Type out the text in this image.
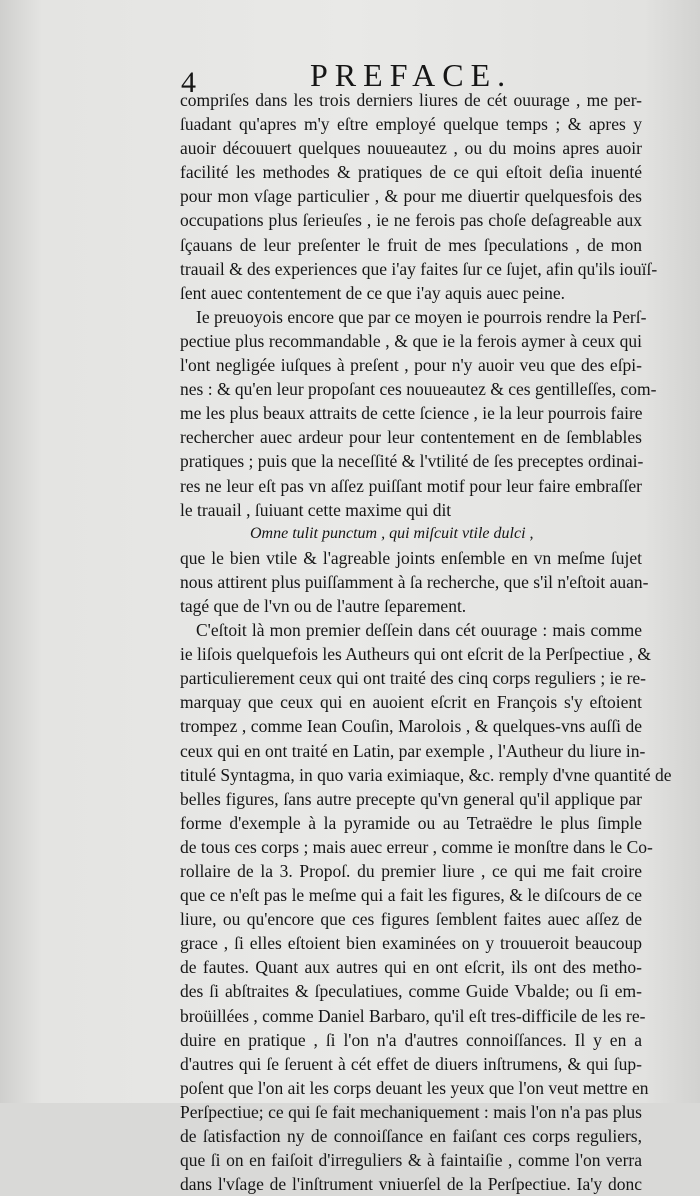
4	PREFACE.
compriſes dans les trois derniers liures de cét ouurage , me per-
ſuadant qu'apres m'y eſtre employé quelque temps ; & apres y
auoir découuert quelques nouueautez , ou du moins apres auoir
facilité les methodes & pratiques de ce qui eſtoit deſia inuenté
pour mon vſage particulier , & pour me diuertir quelquesfois des
occupations plus ſerieuſes , ie ne ferois pas choſe deſagreable aux
ſçauans de leur preſenter le fruit de mes ſpeculations , de mon
trauail & des experiences que i'ay faites ſur ce ſujet, afin qu'ils iouïſ-
ſent auec contentement de ce que i'ay aquis auec peine.
Ie preuoyois encore que par ce moyen ie pourrois rendre la Perſ-
pectiue plus recommandable , & que ie la ferois aymer à ceux qui
l'ont negligée iuſques à preſent , pour n'y auoir veu que des eſpi-
nes : & qu'en leur propoſant ces nouueautez & ces gentilleſſes, com-
me les plus beaux attraits de cette ſcience , ie la leur pourrois faire
rechercher auec ardeur pour leur contentement en de ſemblables
pratiques ; puis que la neceſſité & l'vtilité de ſes preceptes ordinai-
res ne leur eſt pas vn aſſez puiſſant motif pour leur faire embraſſer
le trauail , ſuiuant cette maxime qui dit
Omne tulit punctum , qui miſcuit vtile dulci ,
que le bien vtile & l'agreable joints enſemble en vn meſme ſujet
nous attirent plus puiſſamment à ſa recherche, que s'il n'eſtoit auan-
tagé que de l'vn ou de l'autre ſeparement.
C'eſtoit là mon premier deſſein dans cét ouurage : mais comme
ie liſois quelquefois les Autheurs qui ont eſcrit de la Perſpectiue , &
particulierement ceux qui ont traité des cinq corps reguliers ; ie re-
marquay que ceux qui en auoient eſcrit en François s'y eſtoient
trompez , comme Iean Couſin, Marolois , & quelques-vns auſſi de
ceux qui en ont traité en Latin, par exemple , l'Autheur du liure in-
titulé Syntagma, in quo varia eximiaque, &c. remply d'vne quantité de
belles figures, ſans autre precepte qu'vn general qu'il applique par
forme d'exemple à la pyramide ou au Tetraëdre le plus ſimple
de tous ces corps ; mais auec erreur , comme ie monſtre dans le Co-
rollaire de la 3. Propoſ. du premier liure , ce qui me fait croire
que ce n'eſt pas le meſme qui a fait les figures, & le diſcours de ce
liure, ou qu'encore que ces figures ſemblent faites auec aſſez de
grace , ſi elles eſtoient bien examinées on y trouueroit beaucoup
de fautes. Quant aux autres qui en ont eſcrit, ils ont des metho-
des ſi abſtraites & ſpeculatiues, comme Guide Vbalde; ou ſi em-
broüillées , comme Daniel Barbaro, qu'il eſt tres-difficile de les re-
duire en pratique , ſi l'on n'a d'autres connoiſſances. Il y en a
d'autres qui ſe ſeruent à cét effet de diuers inſtrumens, & qui ſup-
poſent que l'on ait les corps deuant les yeux que l'on veut mettre en
Perſpectiue; ce qui ſe fait mechaniquement : mais l'on n'a pas plus
de ſatisfaction ny de connoiſſance en faiſant ces corps reguliers,
que ſi on en faiſoit d'irreguliers & à faintaiſie , comme l'on verra
dans l'vſage de l'inſtrument vniuerſel de la Perſpectiue. Ia'y donc
